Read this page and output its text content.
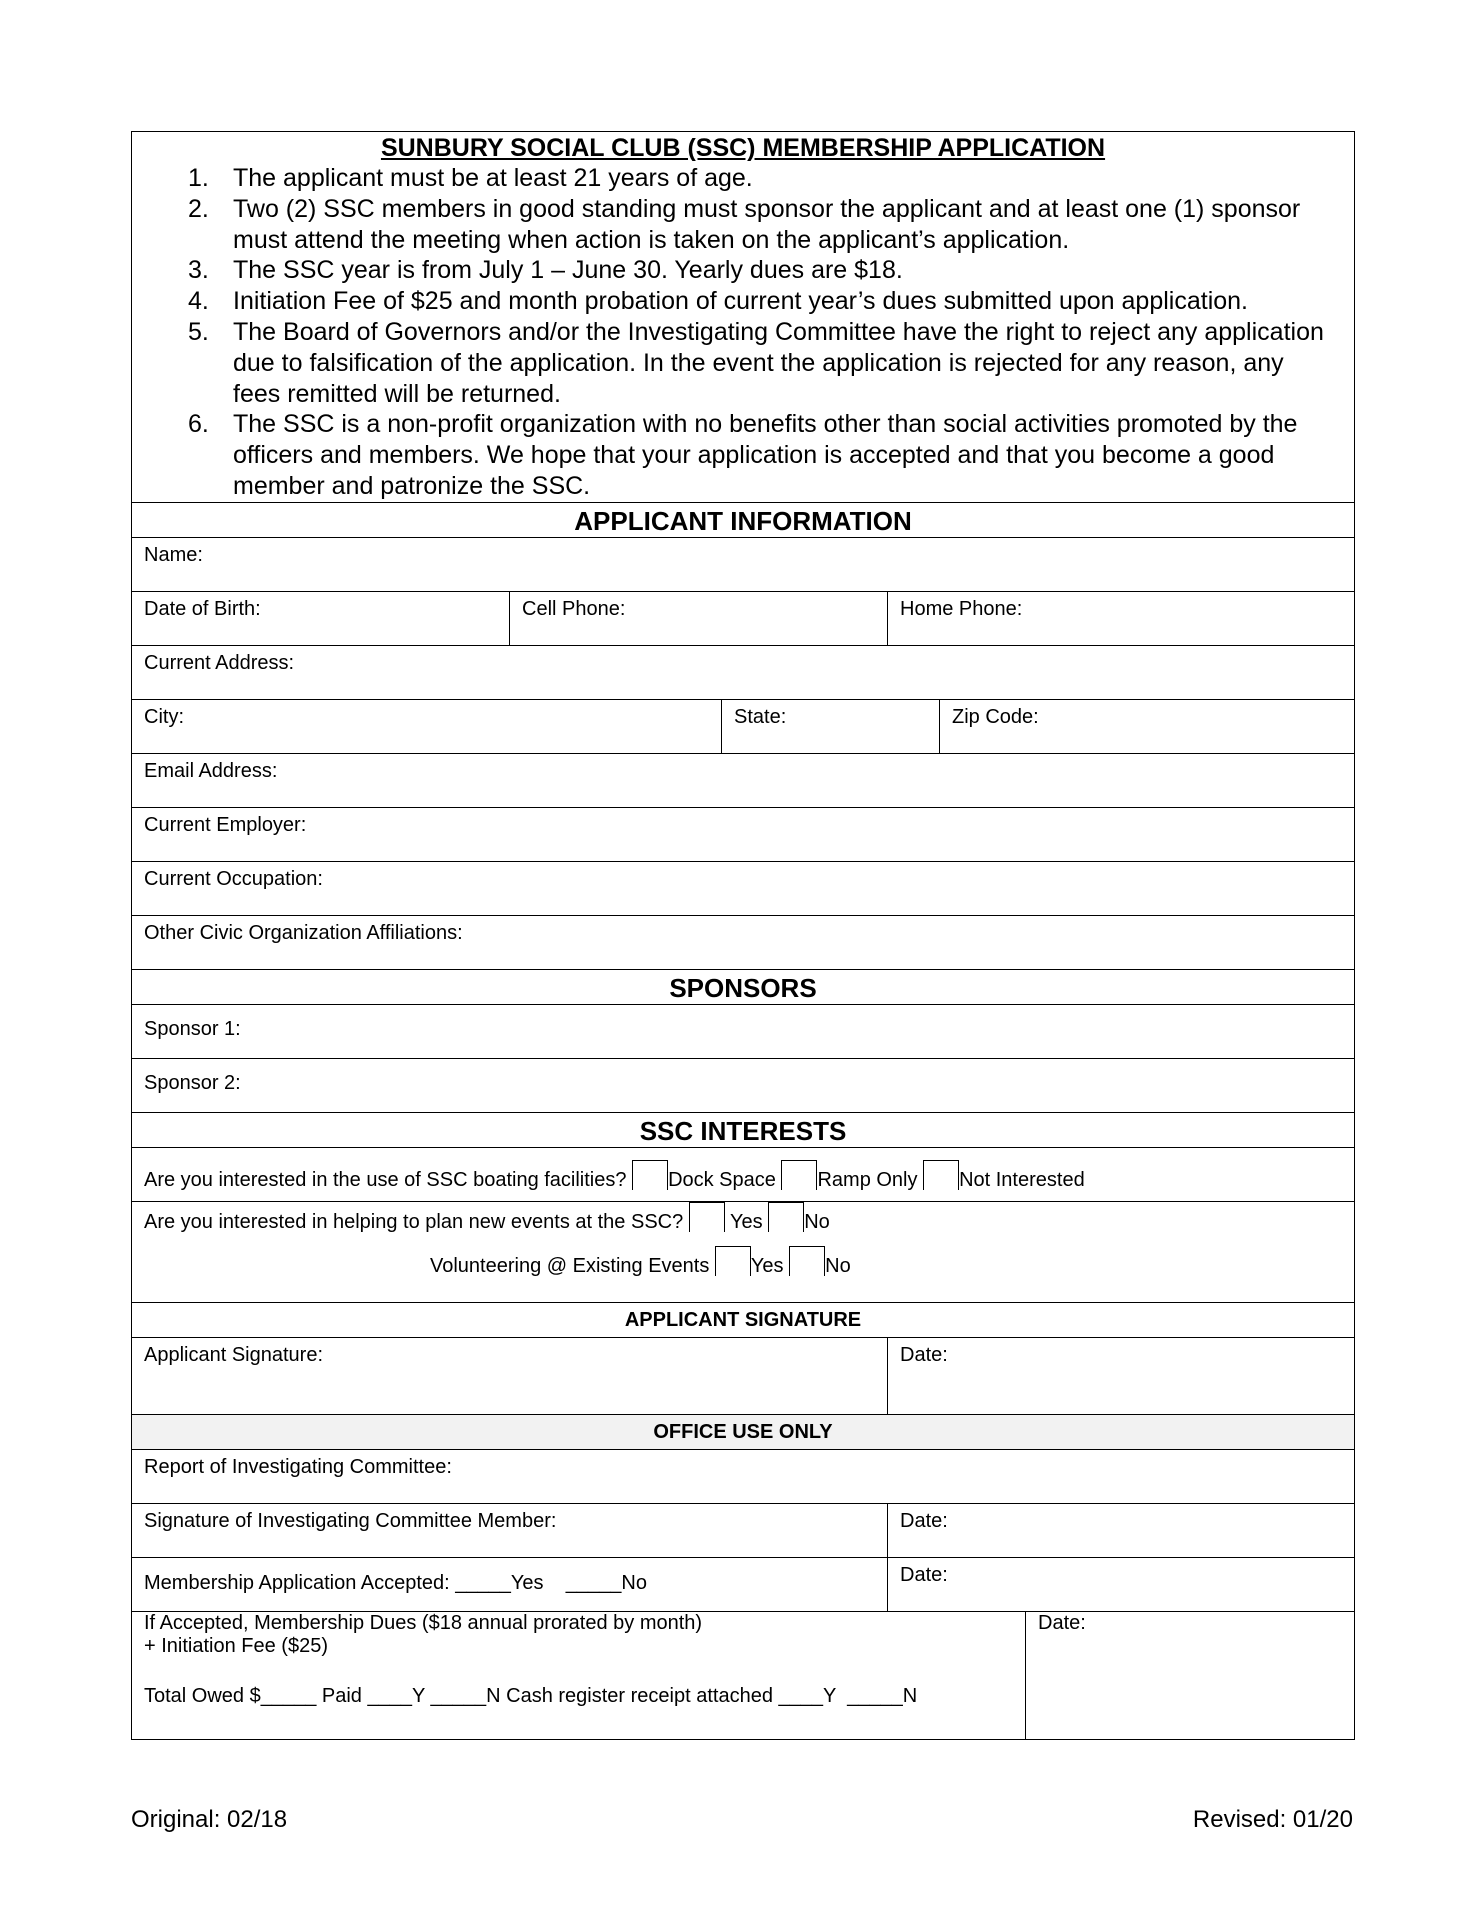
SUNBURY SOCIAL CLUB (SSC) MEMBERSHIP APPLICATION
The applicant must be at least 21 years of age.
Two (2) SSC members in good standing must sponsor the applicant and at least one (1) sponsor must attend the meeting when action is taken on the applicant’s application.
The SSC year is from July 1 – June 30. Yearly dues are $18.
Initiation Fee of $25 and month probation of current year’s dues submitted upon application.
The Board of Governors and/or the Investigating Committee have the right to reject any application due to falsification of the application. In the event the application is rejected for any reason, any fees remitted will be returned.
The SSC is a non-profit organization with no benefits other than social activities promoted by the officers and members. We hope that your application is accepted and that you become a good member and patronize the SSC.
APPLICANT INFORMATION
Name:
Date of Birth:	Cell Phone:	Home Phone:
Current Address:
City:	State:	Zip Code:
Email Address:
Current Employer:
Current Occupation:
Other Civic Organization Affiliations:
SPONSORS
Sponsor 1:
Sponsor 2:
SSC INTERESTS
Are you interested in the use of SSC boating facilities? Dock Space Ramp Only Not Interested
Are you interested in helping to plan new events at the SSC?  Yes No
Volunteering @ Existing Events Yes No
APPLICANT SIGNATURE
Applicant Signature:	Date:
OFFICE USE ONLY
Report of Investigating Committee:
Signature of Investigating Committee Member:	Date:
Membership Application Accepted: _____Yes    _____No	Date:
If Accepted, Membership Dues ($18 annual prorated by month)
+ Initiation Fee ($25)
Total Owed $_____ Paid ____Y _____N Cash register receipt attached ____Y  _____N
Date:
Original: 02/18	Revised: 01/20
